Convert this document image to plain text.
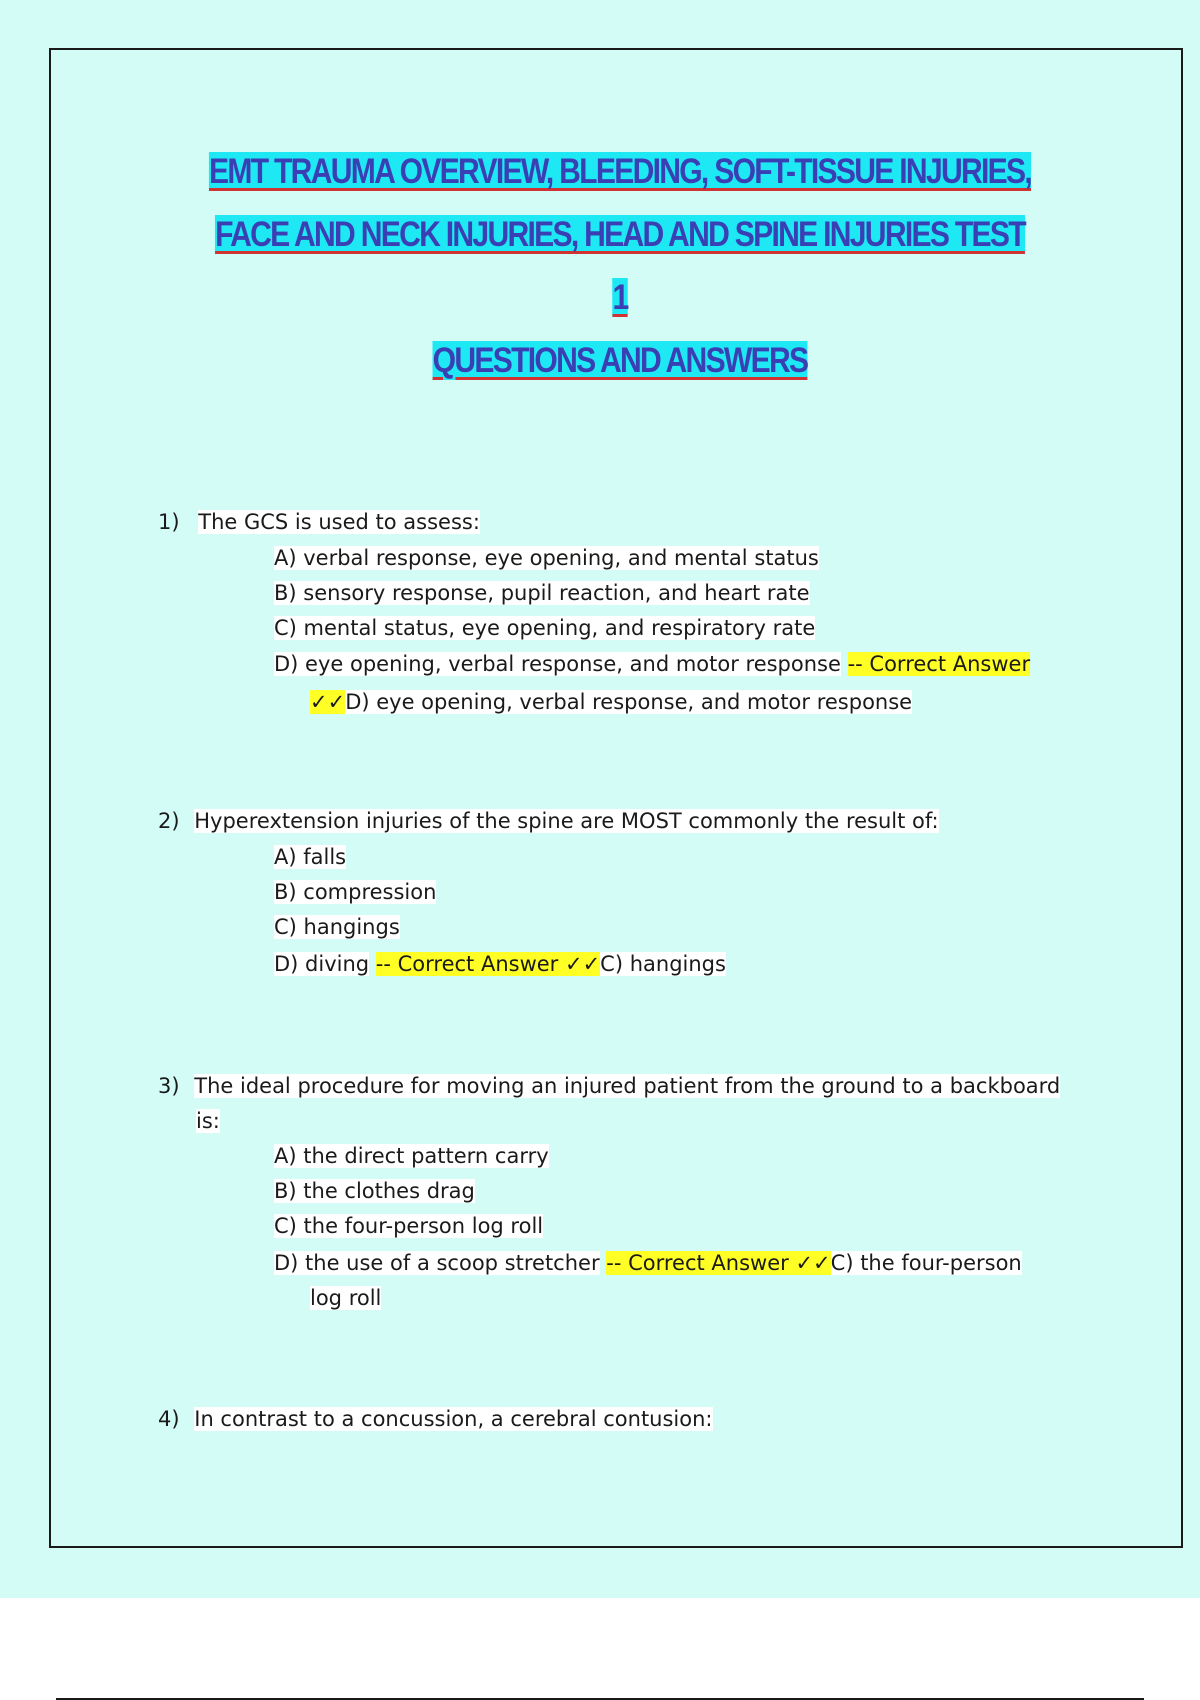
EMT TRAUMA OVERVIEW, BLEEDING, SOFT-TISSUE INJURIES,
FACE AND NECK INJURIES, HEAD AND SPINE INJURIES TEST 1
QUESTIONS AND ANSWERS
1) The GCS is used to assess:
A) verbal response, eye opening, and mental status
B) sensory response, pupil reaction, and heart rate
C) mental status, eye opening, and respiratory rate
D) eye opening, verbal response, and motor response -- Correct Answer
✓✓D) eye opening, verbal response, and motor response
2) Hyperextension injuries of the spine are MOST commonly the result of:
A) falls
B) compression
C) hangings
D) diving -- Correct Answer ✓✓C) hangings
3) The ideal procedure for moving an injured patient from the ground to a backboard
is:
A) the direct pattern carry
B) the clothes drag
C) the four-person log roll
D) the use of a scoop stretcher -- Correct Answer ✓✓C) the four-person
log roll
4) In contrast to a concussion, a cerebral contusion:
